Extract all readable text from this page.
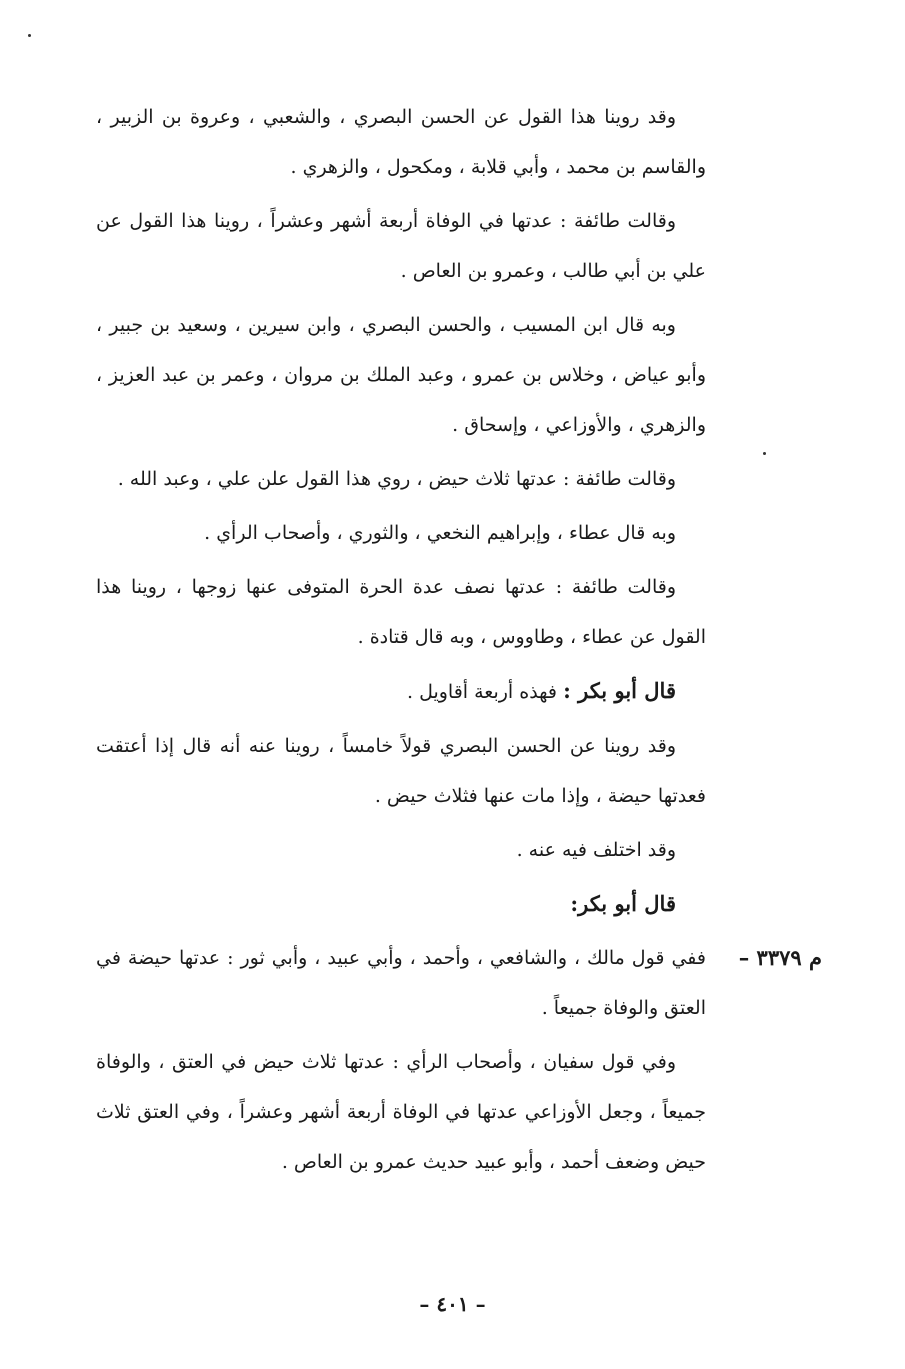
وقد روينا هذا القول عن الحسن البصري ، والشعبي ، وعروة بن الزبير ، والقاسم بن محمد ، وأبي قلابة ، ومكحول ، والزهري .

وقالت طائفة : عدتها في الوفاة أربعة أشهر وعشراً ، روينا هذا القول عن علي بن أبي طالب ، وعمرو بن العاص .

وبه قال ابن المسيب ، والحسن البصري ، وابن سيرين ، وسعيد بن جبير ، وأبو عياض ، وخلاس بن عمرو ، وعبد الملك بن مروان ، وعمر بن عبد العزيز ، والزهري ، والأوزاعي ، وإسحاق .

وقالت طائفة : عدتها ثلاث حيض ، روي هذا القول علن علي ، وعبد الله .

وبه قال عطاء ، وإبراهيم النخعي ، والثوري ، وأصحاب الرأي .

وقالت طائفة : عدتها نصف عدة الحرة المتوفى عنها زوجها ، روينا هذا القول عن عطاء ، وطاووس ، وبه قال قتادة .

قال أبو بكر : فهذه أربعة أقاويل .

وقد روينا عن الحسن البصري قولاً خامساً ، روينا عنه أنه قال إذا أعتقت فعدتها حيضة ، وإذا مات عنها فثلاث حيض .

وقد اختلف فيه عنه .

قال أبو بكر:

م ٣٣٧٩ –

ففي قول مالك ، والشافعي ، وأحمد ، وأبي عبيد ، وأبي ثور : عدتها حيضة في العتق والوفاة جميعاً .

وفي قول سفيان ، وأصحاب الرأي : عدتها ثلاث حيض في العتق ، والوفاة جميعاً ، وجعل الأوزاعي عدتها في الوفاة أربعة أشهر وعشراً ، وفي العتق ثلاث حيض وضعف أحمد ، وأبو عبيد حديث عمرو بن العاص .

– ٤٠١ –
